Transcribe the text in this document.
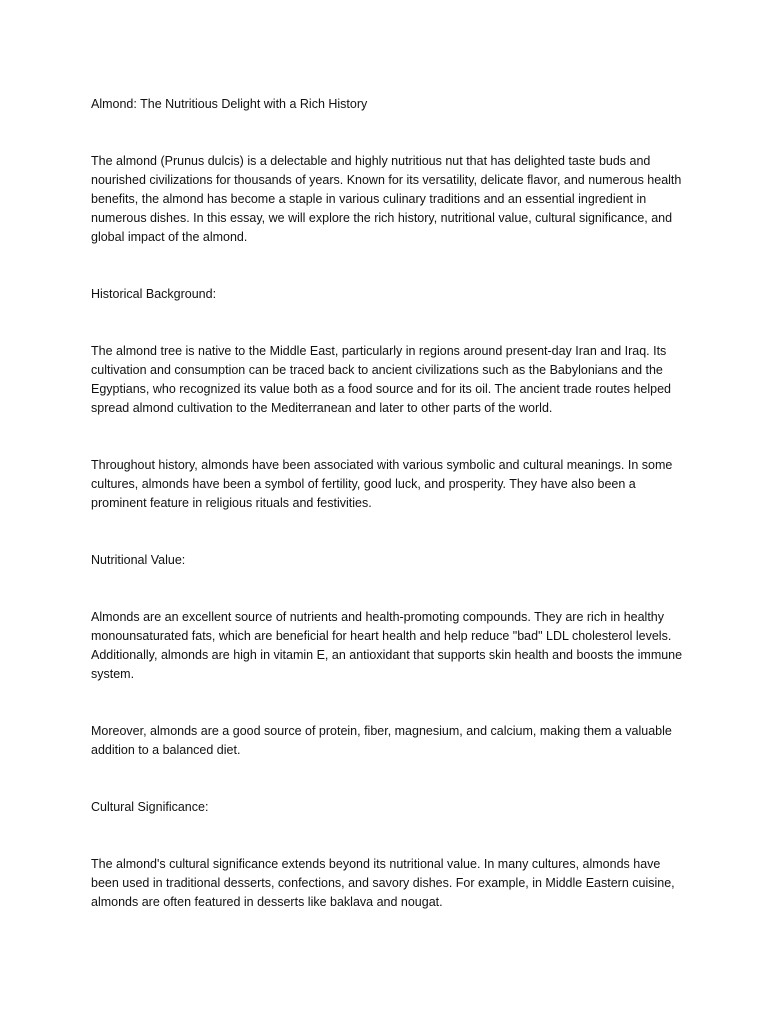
Almond: The Nutritious Delight with a Rich History

The almond (Prunus dulcis) is a delectable and highly nutritious nut that has delighted taste buds and nourished civilizations for thousands of years. Known for its versatility, delicate flavor, and numerous health benefits, the almond has become a staple in various culinary traditions and an essential ingredient in numerous dishes. In this essay, we will explore the rich history, nutritional value, cultural significance, and global impact of the almond.

Historical Background:

The almond tree is native to the Middle East, particularly in regions around present-day Iran and Iraq. Its cultivation and consumption can be traced back to ancient civilizations such as the Babylonians and the Egyptians, who recognized its value both as a food source and for its oil. The ancient trade routes helped spread almond cultivation to the Mediterranean and later to other parts of the world.

Throughout history, almonds have been associated with various symbolic and cultural meanings. In some cultures, almonds have been a symbol of fertility, good luck, and prosperity. They have also been a prominent feature in religious rituals and festivities.

Nutritional Value:

Almonds are an excellent source of nutrients and health-promoting compounds. They are rich in healthy monounsaturated fats, which are beneficial for heart health and help reduce "bad" LDL cholesterol levels. Additionally, almonds are high in vitamin E, an antioxidant that supports skin health and boosts the immune system.

Moreover, almonds are a good source of protein, fiber, magnesium, and calcium, making them a valuable addition to a balanced diet.

Cultural Significance:

The almond's cultural significance extends beyond its nutritional value. In many cultures, almonds have been used in traditional desserts, confections, and savory dishes. For example, in Middle Eastern cuisine, almonds are often featured in desserts like baklava and nougat.
